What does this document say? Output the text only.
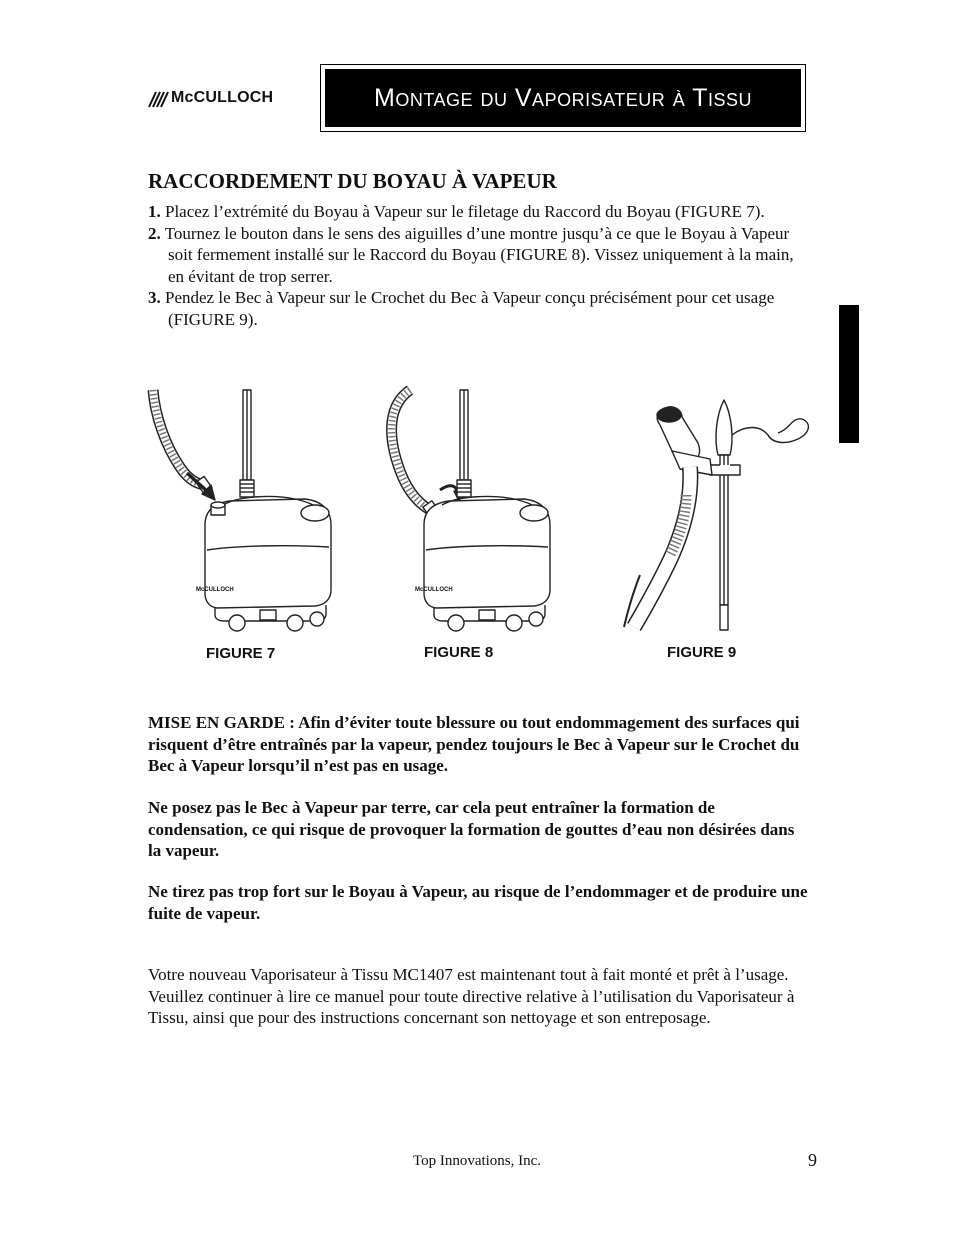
McCULLOCH	Montage du Vaporisateur à Tissu
RACCORDEMENT DU BOYAU À VAPEUR
1. Placez l’extrémité du Boyau à Vapeur sur le filetage du Raccord du Boyau (FIGURE 7).
2. Tournez le bouton dans le sens des aiguilles d’une montre jusqu’à ce que le Boyau à Vapeur soit fermement installé sur le Raccord du Boyau (FIGURE 8). Vissez uniquement à la main, en évitant de trop serrer.
3. Pendez le Bec à Vapeur sur le Crochet du Bec à Vapeur conçu précisément pour cet usage (FIGURE 9).
McCULLOCH
FIGURE 7
McCULLOCH
FIGURE 8	FIGURE 9
MISE EN GARDE : Afin d’éviter toute blessure ou tout endommagement des surfaces qui risquent d’être entraînés par la vapeur, pendez toujours le Bec à Vapeur sur le Crochet du Bec à Vapeur lorsqu’il n’est pas en usage.
Ne posez pas le Bec à Vapeur par terre, car cela peut entraîner la formation de condensation, ce qui risque de provoquer la formation de gouttes d’eau non désirées dans la vapeur.
Ne tirez pas trop fort sur le Boyau à Vapeur, au risque de l’endommager et de produire une fuite de vapeur.
Votre nouveau Vaporisateur à Tissu MC1407 est maintenant tout à fait monté et prêt à l’usage. Veuillez continuer à lire ce manuel pour toute directive relative à l’utilisation du Vaporisateur à Tissu, ainsi que pour des instructions concernant son nettoyage et son entreposage.
Top Innovations, Inc.	9
